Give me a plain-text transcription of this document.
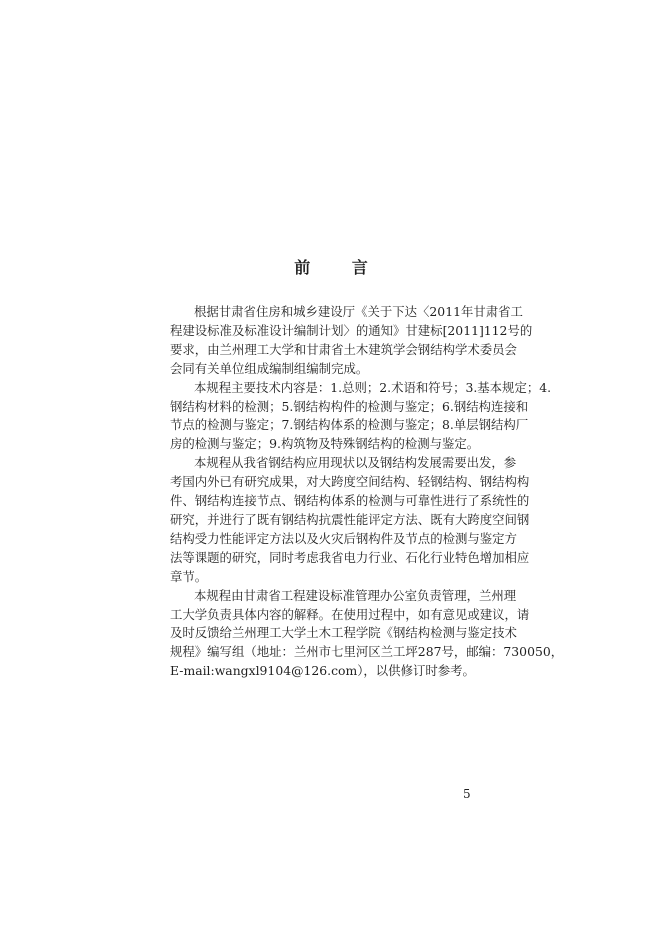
前 言

根据甘肃省住房和城乡建设厅《关于下达〈2011年甘肃省工
程建设标准及标准设计编制计划〉的通知》甘建标[2011]112号的
要求，由兰州理工大学和甘肃省土木建筑学会钢结构学术委员会
会同有关单位组成编制组编制完成。

本规程主要技术内容是：1.总则；2.术语和符号；3.基本规定；4.
钢结构材料的检测；5.钢结构构件的检测与鉴定；6.钢结构连接和
节点的检测与鉴定；7.钢结构体系的检测与鉴定；8.单层钢结构厂
房的检测与鉴定；9.构筑物及特殊钢结构的检测与鉴定。

本规程从我省钢结构应用现状以及钢结构发展需要出发，参
考国内外已有研究成果，对大跨度空间结构、轻钢结构、钢结构构
件、钢结构连接节点、钢结构体系的检测与可靠性进行了系统性的
研究，并进行了既有钢结构抗震性能评定方法、既有大跨度空间钢
结构受力性能评定方法以及火灾后钢构件及节点的检测与鉴定方
法等课题的研究，同时考虑我省电力行业、石化行业特色增加相应
章节。

本规程由甘肃省工程建设标准管理办公室负责管理，兰州理
工大学负责具体内容的解释。在使用过程中，如有意见或建议，请
及时反馈给兰州理工大学土木工程学院《钢结构检测与鉴定技术
规程》编写组（地址：兰州市七里河区兰工坪287号，邮编：730050，
E-mail:wangxl9104@126.com），以供修订时参考。

5
